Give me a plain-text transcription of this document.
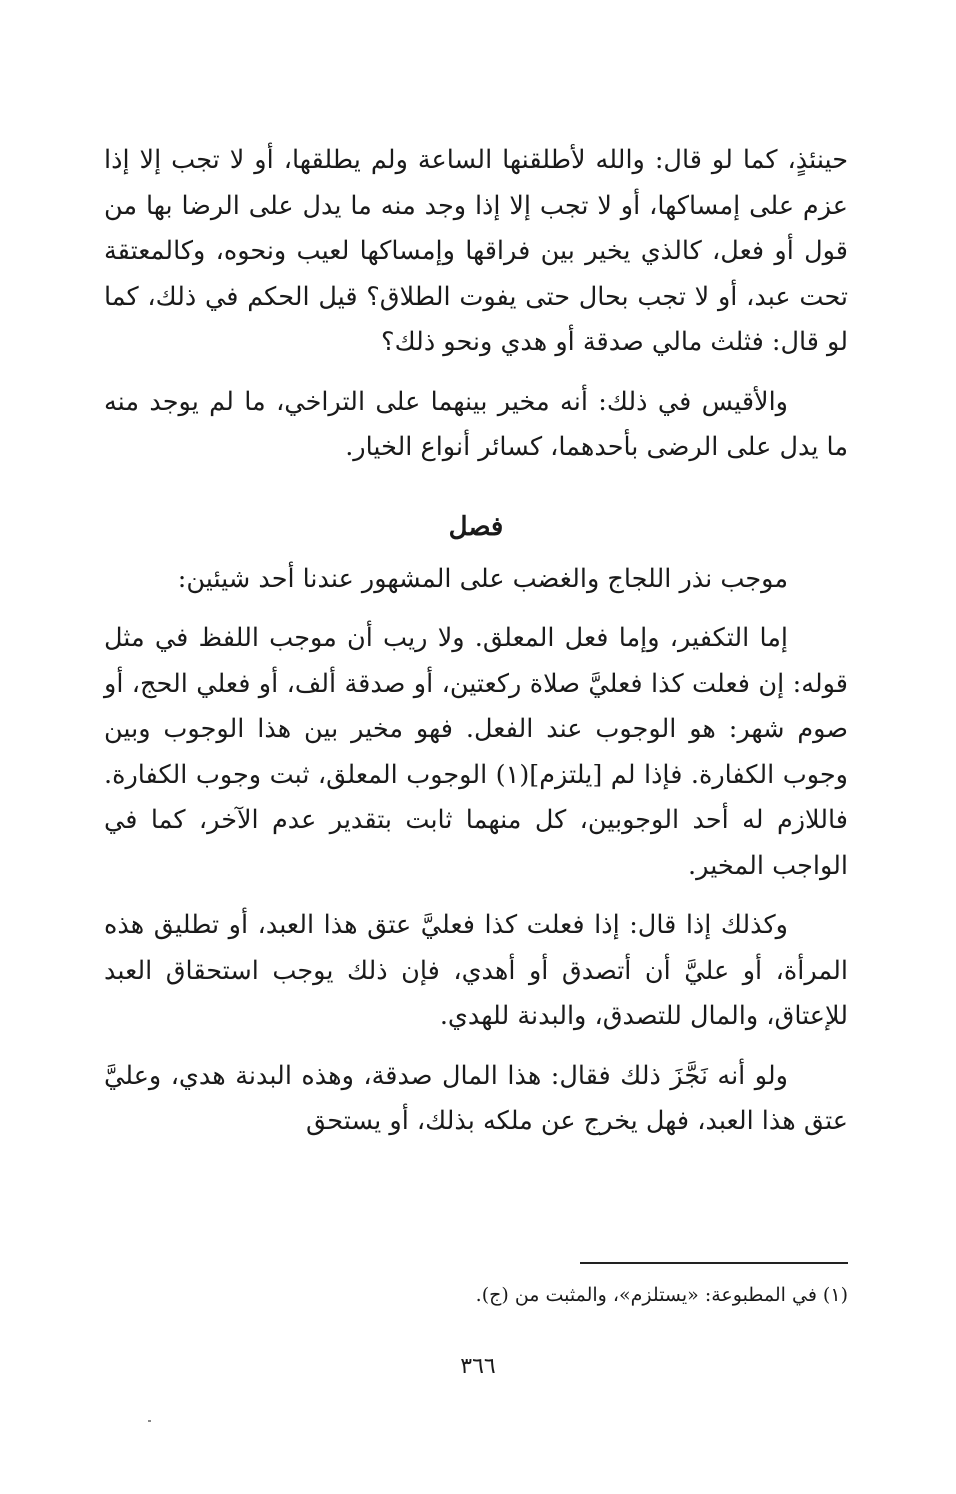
حينئذٍ، كما لو قال: والله لأطلقنها الساعة ولم يطلقها، أو لا تجب إلا إذا عزم على إمساكها، أو لا تجب إلا إذا وجد منه ما يدل على الرضا بها من قول أو فعل، كالذي يخير بين فراقها وإمساكها لعيب ونحوه، وكالمعتقة تحت عبد، أو لا تجب بحال حتى يفوت الطلاق؟ قيل الحكم في ذلك، كما لو قال: فثلث مالي صدقة أو هدي ونحو ذلك؟

والأقيس في ذلك: أنه مخير بينهما على التراخي، ما لم يوجد منه ما يدل على الرضى بأحدهما، كسائر أنواع الخيار.

فصل

موجب نذر اللجاج والغضب على المشهور عندنا أحد شيئين:

إما التكفير، وإما فعل المعلق. ولا ريب أن موجب اللفظ في مثل قوله: إن فعلت كذا فعليَّ صلاة ركعتين، أو صدقة ألف، أو فعلي الحج، أو صوم شهر: هو الوجوب عند الفعل. فهو مخير بين هذا الوجوب وبين وجوب الكفارة. فإذا لم [يلتزم](١) الوجوب المعلق، ثبت وجوب الكفارة. فاللازم له أحد الوجوبين، كل منهما ثابت بتقدير عدم الآخر، كما في الواجب المخير.

وكذلك إذا قال: إذا فعلت كذا فعليَّ عتق هذا العبد، أو تطليق هذه المرأة، أو عليَّ أن أتصدق أو أهدي، فإن ذلك يوجب استحقاق العبد للإعتاق، والمال للتصدق، والبدنة للهدي.

ولو أنه نَجَّزَ ذلك فقال: هذا المال صدقة، وهذه البدنة هدي، وعليَّ عتق هذا العبد، فهل يخرج عن ملكه بذلك، أو يستحق

(١) في المطبوعة: «يستلزم»، والمثبت من (ج).
٣٦٦
